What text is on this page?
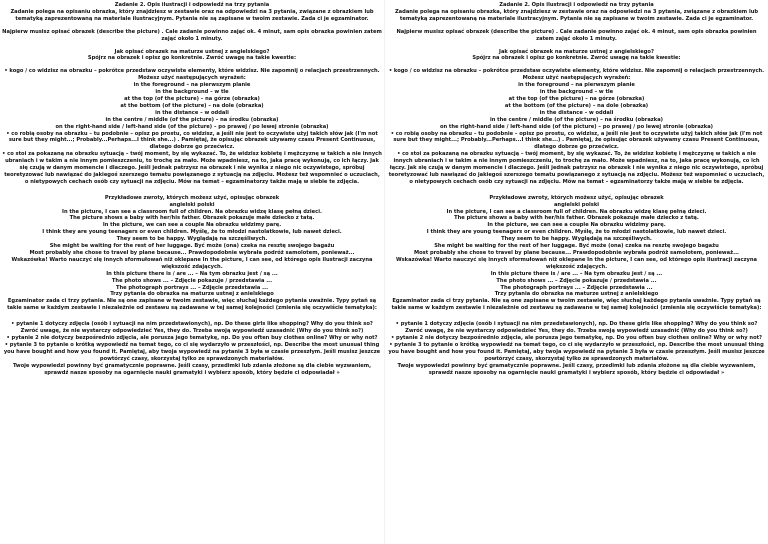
Zadanie 2. Opis ilustracji i odpowiedź na trzy pytania

Zadanie polega na opisaniu obrazka, który znajdziesz w zestawie oraz na odpowiedzi na 3 pytania, związane z obrazkiem lub tematyką zaprezentowaną na materiale ilustracyjnym. Pytania nie są zapisane w twoim zestawie. Zada ci je egzaminator.

Najpierw musisz opisać obrazek (describe the picture) . Cale zadanie powinno zająć ok. 4 minut, sam opis obrazka powinien zatem zająć około 1 minuty.

Jak opisać obrazek na maturze ustnej z angielskiego?

Spójrz na obrazek i opisz go konkretnie. Zwróć uwagę na takie kwestie:

• kogo / co widzisz na obrazku – pokrótce przedstaw oczywiste elementy, które widzisz. Nie zapomnij o relacjach przestrzennych. Możesz użyć następujących wyrażeń:

in the foreground – na pierwszym planie

in the background – w tle

at the top (of the picture) – na górze (obrazka)

at the bottom (of the picture) – na dole (obrazka)

in the distance – w oddali

in the centre / middle (of the picture) – na środku (obrazka)

on the right-hand side / left-hand side (of the picture) – po prawej / po lewej stronie (obrazka)

• co robią osoby na obrazku – tu podobnie – opisz po prostu, co widzisz, a jeśli nie jest to oczywiste użyj takich słów jak (I'm not sure but they might...; Probably...Perhaps...I think she...) . Pamiętaj, że opisując obrazek używamy czasu Present Continuous, dlatego dobrze go przećwicz.

• co stoi za pokazaną na obrazku sytuacją – twój moment, by się wykazać. To, że widzisz kobietę i mężczyznę w takich a nie innych ubraniach i w takim a nie innym pomieszczeniu, to trochę za mało. Może wpadniesz, na to, jaka pracę wykonują, co ich łączy. Jak się czują w danym momencie i dlaczego. Jeśli jednak patrzysz na obrazek i nie wynika z niego nic oczywistego, spróbuj teoretyzować lub nawiązać do jakiegoś szerszego tematu powiązanego z sytuacją na zdjęciu. Możesz też wspomnieć o uczuciach, o nietypowych cechach osób czy sytuacji na zdjęciu. Mów na temat – egzaminatorzy także mają w siebie te zdjęcia.

Przykładowe zwroty, których możesz użyć, opisując obrazek

angielski polski

In the picture, I can see a classroom full of children. Na obrazku widzę klasę pełną dzieci.

The picture shows a baby with her/his father. Obrazek pokazuje małe dziecko z tatą.

In the picture, we can see a couple Na obrazku widzimy parę.

I think they are young teenagers or even children. Myślę, że to młodzi nastolatkowie, lub nawet dzieci.

They seem to be happy. Wyglądają na szczęśliwych.

She might be waiting for the rest of her luggage. Być może (ona) czeka na resztę swojego bagażu

Most probably she chose to travel by plane because... Prawdopodobnie wybrała podróż samolotem, ponieważ...

Wskazówka! Warto nauczyć się innych sformułowań niż oklepane In the picture, I can see, od którego opis ilustracji zaczyna większość zdających.

In this picture there is / are ... – Na tym obrazku jest / są ...

The photo shows ... – Zdjęcie pokazuje / przedstawia ...

The photograph portrays ... – Zdjęcie przedstawia ...

Trzy pytania do obrazka na maturze ustnej z anielskiego

Egzaminator zada ci trzy pytania. Nie są one zapisane w twoim zestawie, więc słuchaj każdego pytania uważnie. Typy pytań są takie same w każdym zestawie i niezależnie od zestawu są zadawane w tej samej kolejności (zmienia się oczywiście tematyka):

• pytanie 1 dotyczy zdjęcia (osób i sytuacji na nim przedstawionych), np. Do these girls like shopping? Why do you think so? Zwróć uwagę, że nie wystarczy odpowiedzieć Yes, they do. Trzeba swoją wypowiedź uzasadnić (Why do you think so?)

• pytanie 2 nie dotyczy bezpośrednio zdjęcia, ale porusza jego tematykę, np. Do you often buy clothes online? Why or why not?

• pytanie 3 to pytanie o krótką wypowiedź na temat tego, co ci się wydarzyło w przeszłości, np. Describe the most unusual thing you have bought and how you found it. Pamiętaj, aby twoja wypowiedź na pytanie 3 była w czasie przeszłym. Jeśli musisz jeszcze powtórzyć czasy, skorzystaj tylko ze sprawdzonych materiałów.

Twoje wypowiedzi powinny być gramatycznie poprawne. Jeśli czasy, przedimki lub zdania złożone są dla ciebie wyzwaniem, sprawdź nasze sposoby na ogarnięcie nauki gramatyki i wybierz sposób, który będzie ci odpowiadał »

Zadanie 2. Opis ilustracji i odpowiedź na trzy pytania

Zadanie polega na opisaniu obrazka, który znajdziesz w zestawie oraz na odpowiedzi na 3 pytania, związane z obrazkiem lub tematyką zaprezentowaną na materiale ilustracyjnym. Pytania nie są zapisane w twoim zestawie. Zada ci je egzaminator.

Najpierw musisz opisać obrazek (describe the picture) . Cale zadanie powinno zająć ok. 4 minut, sam opis obrazka powinien zatem zająć około 1 minuty.

Jak opisać obrazek na maturze ustnej z angielskiego?

Spójrz na obrazek i opisz go konkretnie. Zwróć uwagę na takie kwestie:

• kogo / co widzisz na obrazku – pokrótce przedstaw oczywiste elementy, które widzisz. Nie zapomnij o relacjach przestrzennych. Możesz użyć następujących wyrażeń:

in the foreground – na pierwszym planie

in the background – w tle

at the top (of the picture) – na górze (obrazka)

at the bottom (of the picture) – na dole (obrazka)

in the distance – w oddali

in the centre / middle (of the picture) – na środku (obrazka)

on the right-hand side / left-hand side (of the picture) – po prawej / po lewej stronie (obrazka)

• co robią osoby na obrazku – tu podobnie – opisz po prostu, co widzisz, a jeśli nie jest to oczywiste użyj takich słów jak (I'm not sure but they might...; Probably...Perhaps...I think she...) . Pamiętaj, że opisując obrazek używamy czasu Present Continuous, dlatego dobrze go przećwicz.

• co stoi za pokazaną na obrazku sytuacją – twój moment, by się wykazać. To, że widzisz kobietę i mężczyznę w takich a nie innych ubraniach i w takim a nie innym pomieszczeniu, to trochę za mało. Może wpadniesz, na to, jaka pracę wykonują, co ich łączy. Jak się czują w danym momencie i dlaczego. Jeśli jednak patrzysz na obrazek i nie wynika z niego nic oczywistego, spróbuj teoretyzować lub nawiązać do jakiegoś szerszego tematu powiązanego z sytuacją na zdjęciu. Możesz też wspomnieć o uczuciach, o nietypowych cechach osób czy sytuacji na zdjęciu. Mów na temat – egzaminatorzy także mają w siebie te zdjęcia.

Przykładowe zwroty, których możesz użyć, opisując obrazek

angielski polski

In the picture, I can see a classroom full of children. Na obrazku widzę klasę pełną dzieci.

The picture shows a baby with her/his father. Obrazek pokazuje małe dziecko z tatą.

In the picture, we can see a couple Na obrazku widzimy parę.

I think they are young teenagers or even children. Myślę, że to młodzi nastolatkowie, lub nawet dzieci.

They seem to be happy. Wyglądają na szczęśliwych.

She might be waiting for the rest of her luggage. Być może (ona) czeka na resztę swojego bagażu

Most probably she chose to travel by plane because... Prawdopodobnie wybrała podróż samolotem, ponieważ...

Wskazówka! Warto nauczyć się innych sformułowań niż oklepane In the picture, I can see, od którego opis ilustracji zaczyna większość zdających.

In this picture there is / are ... – Na tym obrazku jest / są ...

The photo shows ... – Zdjęcie pokazuje / przedstawia ...

The photograph portrays ... – Zdjęcie przedstawia ...

Trzy pytania do obrazka na maturze ustnej z anielskiego

Egzaminator zada ci trzy pytania. Nie są one zapisane w twoim zestawie, więc słuchaj każdego pytania uważnie. Typy pytań są takie same w każdym zestawie i niezależnie od zestawu są zadawane w tej samej kolejności (zmienia się oczywiście tematyka):

• pytanie 1 dotyczy zdjęcia (osób i sytuacji na nim przedstawionych), np. Do these girls like shopping? Why do you think so? Zwróć uwagę, że nie wystarczy odpowiedzieć Yes, they do. Trzeba swoją wypowiedź uzasadnić (Why do you think so?)

• pytanie 2 nie dotyczy bezpośrednio zdjęcia, ale porusza jego tematykę, np. Do you often buy clothes online? Why or why not?

• pytanie 3 to pytanie o krótką wypowiedź na temat tego, co ci się wydarzyło w przeszłości, np. Describe the most unusual thing you have bought and how you found it. Pamiętaj, aby twoja wypowiedź na pytanie 3 była w czasie przeszłym. Jeśli musisz jeszcze powtórzyć czasy, skorzystaj tylko ze sprawdzonych materiałów.

Twoje wypowiedzi powinny być gramatycznie poprawne. Jeśli czasy, przedimki lub zdania złożone są dla ciebie wyzwaniem, sprawdź nasze sposoby na ogarnięcie nauki gramatyki i wybierz sposób, który będzie ci odpowiadał »
